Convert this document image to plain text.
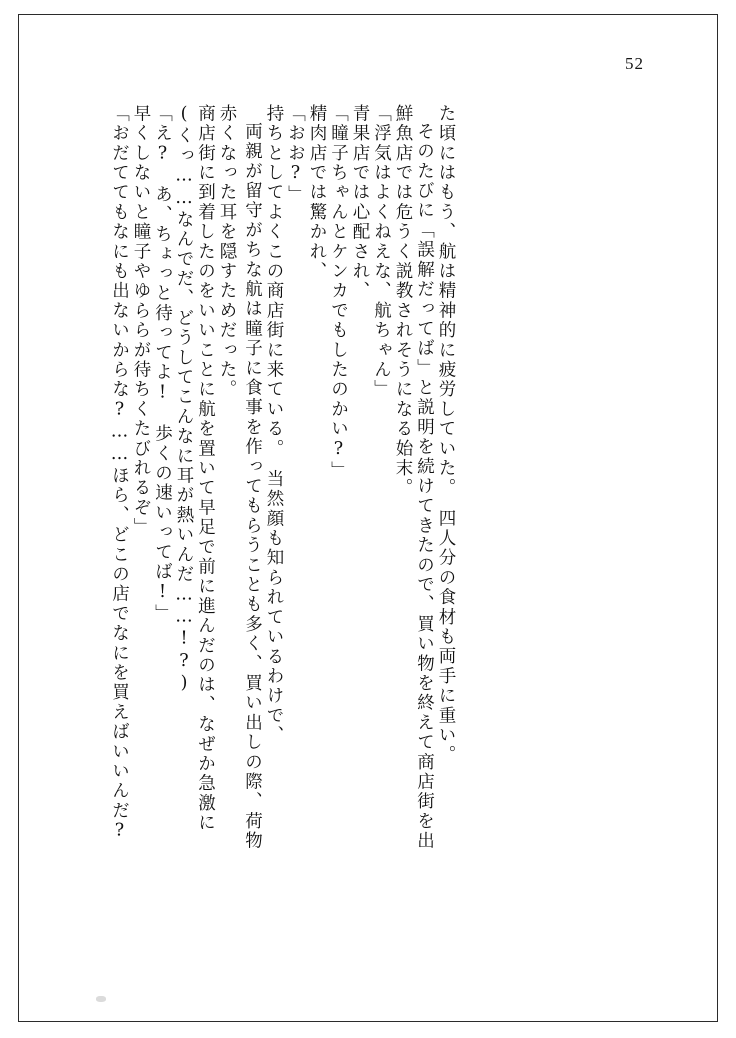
52
「おだててもなにも出ないからな?……ほら、どこの店でなにを買えばいいんだ? 早くしないと瞳子やゆららが待ちくたびれるぞ」 「え?　あ、ちょっと待ってよ!　歩くの速いってば!」 (くっ……なんでだ、どうしてこんなに耳が熱いんだ……!?) 商店街に到着したのをいいことに航を置いて早足で前に進んだのは、なぜか急激に 赤くなった耳を隠すためだった。 両親が留守がちな航は瞳子に食事を作ってもらうことも多く、買い出しの際、荷物 持ちとしてよくこの商店街に来ている。　当然顔も知られているわけで、 「おお?」 精肉店では驚かれ、 「瞳子ちゃんとケンカでもしたのかい?」 青果店では心配され、 「浮気はよくねえな、航ちゃん」 鮮魚店では危うく説教されそうになる始末。 そのたびに「誤解だってば」と説明を続けてきたので、買い物を終えて商店街を出 た頃にはもう、航は精神的に疲労していた。　四人分の食材も両手に重い。
